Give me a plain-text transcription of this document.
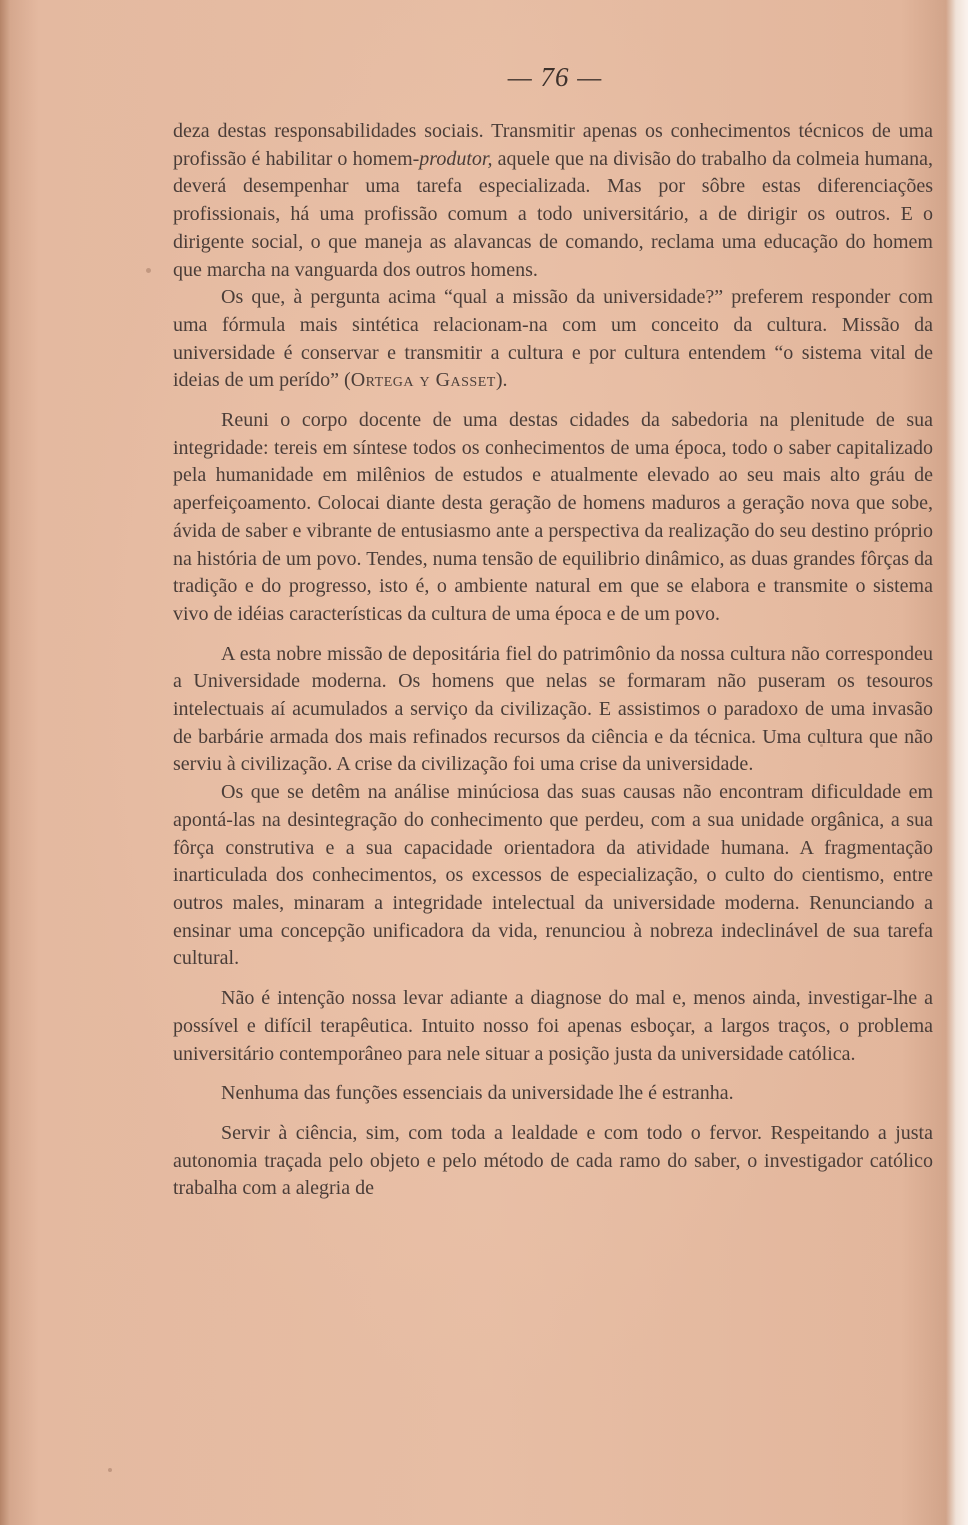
— 76 —

deza destas responsabilidades sociais. Transmitir apenas os conhecimentos técnicos de uma profissão é habilitar o homem-produtor, aquele que na divisão do trabalho da colmeia humana, deverá desempenhar uma tarefa especializada. Mas por sôbre estas diferenciações profissionais, há uma profissão comum a todo universitário, a de dirigir os outros. E o dirigente social, o que maneja as alavancas de comando, reclama uma educação do homem que marcha na vanguarda dos outros homens.

Os que, à pergunta acima “qual a missão da universidade?” preferem responder com uma fórmula mais sintética relacionam-na com um conceito da cultura. Missão da universidade é conservar e transmitir a cultura e por cultura entendem “o sistema vital de ideias de um perído” (Ortega y Gasset).

Reuni o corpo docente de uma destas cidades da sabedoria na plenitude de sua integridade: tereis em síntese todos os conhecimentos de uma época, todo o saber capitalizado pela humanidade em milênios de estudos e atualmente elevado ao seu mais alto gráu de aperfeiçoamento. Colocai diante desta geração de homens maduros a geração nova que sobe, ávida de saber e vibrante de entusiasmo ante a perspectiva da realização do seu destino próprio na história de um povo. Tendes, numa tensão de equilibrio dinâmico, as duas grandes fôrças da tradição e do progresso, isto é, o ambiente natural em que se elabora e transmite o sistema vivo de idéias características da cultura de uma época e de um povo.

A esta nobre missão de depositária fiel do patrimônio da nossa cultura não correspondeu a Universidade moderna. Os homens que nelas se formaram não puseram os tesouros intelectuais aí acumulados a serviço da civilização. E assistimos o paradoxo de uma invasão de barbárie armada dos mais refinados recursos da ciência e da técnica. Uma cultura que não serviu à civilização. A crise da civilização foi uma crise da universidade.

Os que se detêm na análise minúciosa das suas causas não encontram dificuldade em apontá-las na desintegração do conhecimento que perdeu, com a sua unidade orgânica, a sua fôrça construtiva e a sua capacidade orientadora da atividade humana. A fragmentação inarticulada dos conhecimentos, os excessos de especialização, o culto do cientismo, entre outros males, minaram a integridade intelectual da universidade moderna. Renunciando a ensinar uma concepção unificadora da vida, renunciou à nobreza indeclinável de sua tarefa cultural.

Não é intenção nossa levar adiante a diagnose do mal e, menos ainda, investigar-lhe a possível e difícil terapêutica. Intuito nosso foi apenas esboçar, a largos traços, o problema universitário contemporâneo para nele situar a posição justa da universidade católica.

Nenhuma das funções essenciais da universidade lhe é estranha.

Servir à ciência, sim, com toda a lealdade e com todo o fervor. Respeitando a justa autonomia traçada pelo objeto e pelo método de cada ramo do saber, o investigador católico trabalha com a alegria de
